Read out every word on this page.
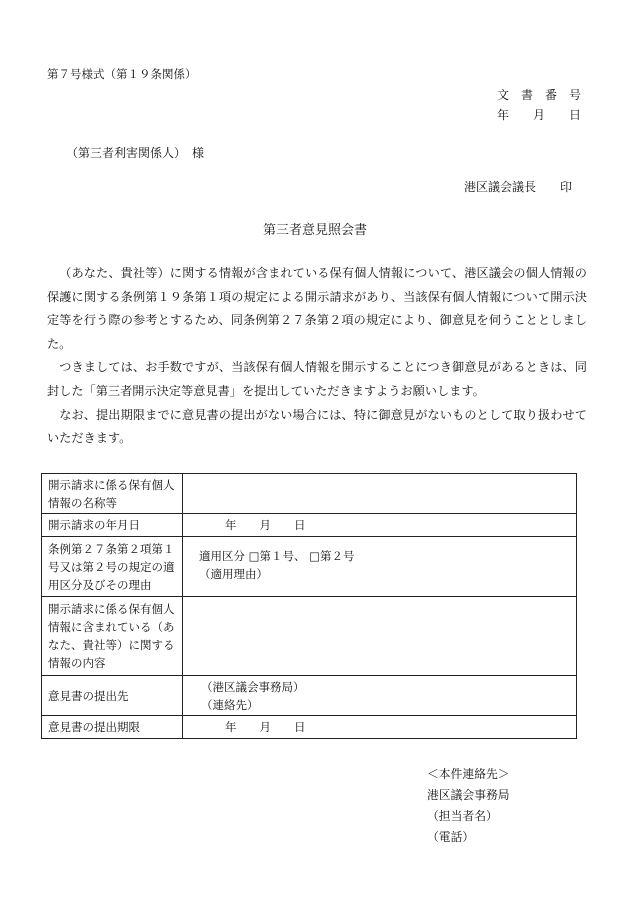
第７号様式（第１９条関係）
文　書　番　号
年　　月　　日
（第三者利害関係人）　様
港区議会議長　　印
第三者意見照会書

（あなた、貴社等）に関する情報が含まれている保有個人情報について、港区議会の個人情報の保護に関する条例第１９条第１項の規定による開示請求があり、当該保有個人情報について開示決定等を行う際の参考とするため、同条例第２７条第２項の規定により、御意見を伺うこととしました。

つきましては、お手数ですが、当該保有個人情報を開示することにつき御意見があるときは、同封した「第三者開示決定等意見書」を提出していただきますようお願いします。

なお、提出期限までに意見書の提出がない場合には、特に御意見がないものとして取り扱わせていただきます。

開示請求に係る保有個人情報の名称等	
開示請求の年月日	年　　月　　日
条例第２７条第２項第１号又は第２号の規定の適用区分及びその理由	適用区分 □第１号、 □第２号
（適用理由）

開示請求に係る保有個人情報に含まれている（あなた、貴社等）に関する情報の内容	
意見書の提出先	（港区議会事務局）
（連絡先）

意見書の提出期限	年　　月　　日
＜本件連絡先＞
港区議会事務局
（担当者名）
（電話）
